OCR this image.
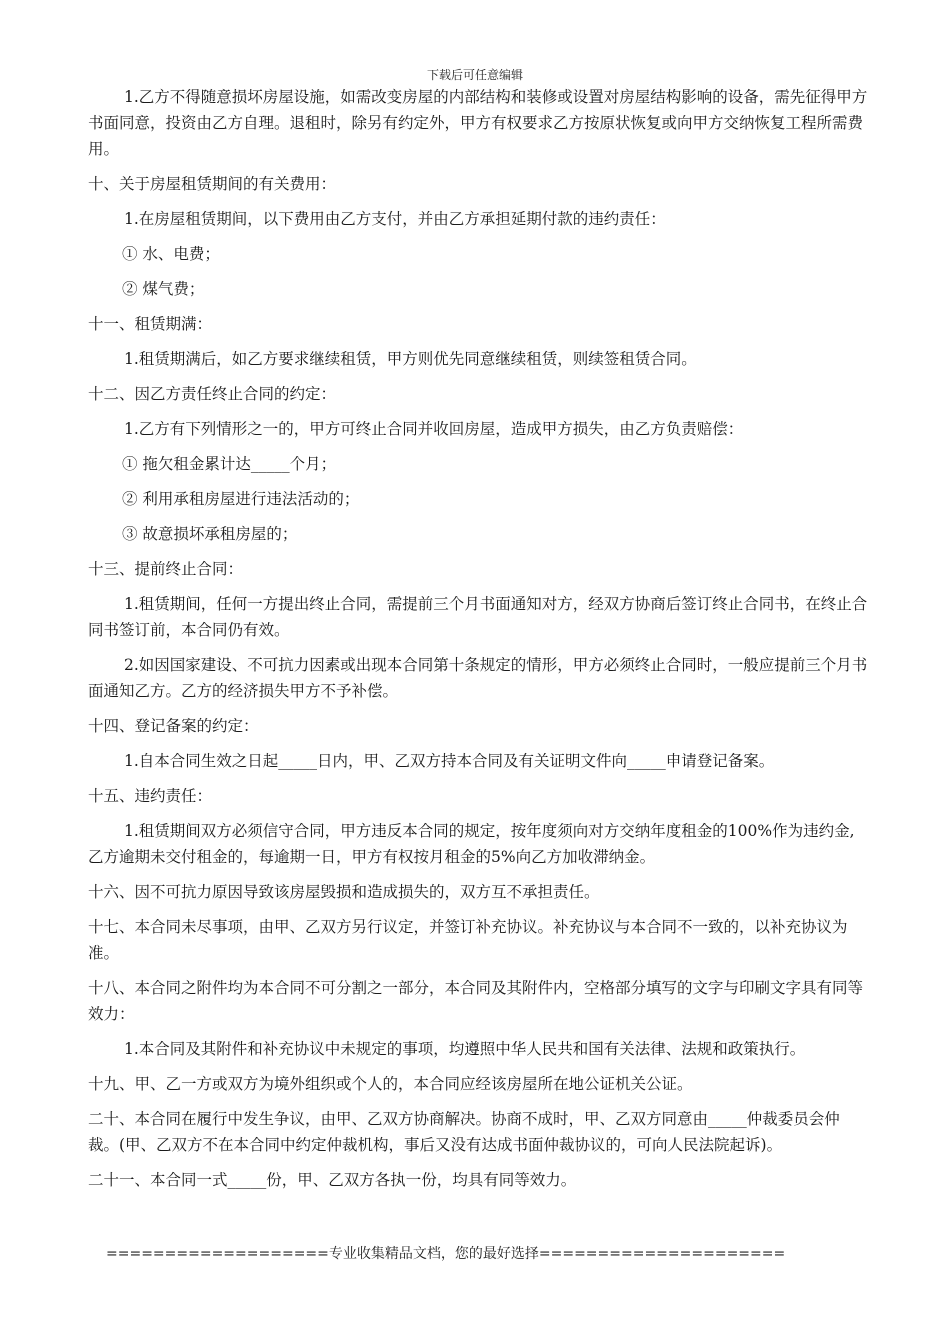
下载后可任意编辑

1.乙方不得随意损坏房屋设施，如需改变房屋的内部结构和装修或设置对房屋结构影响的设备，需先征得甲方书面同意，投资由乙方自理。退租时，除另有约定外，甲方有权要求乙方按原状恢复或向甲方交纳恢复工程所需费用。

十、关于房屋租赁期间的有关费用：

1.在房屋租赁期间，以下费用由乙方支付，并由乙方承担延期付款的违约责任：

① 水、电费；

② 煤气费；

十一、租赁期满：

1.租赁期满后，如乙方要求继续租赁，甲方则优先同意继续租赁，则续签租赁合同。

十二、因乙方责任终止合同的约定：

1.乙方有下列情形之一的，甲方可终止合同并收回房屋，造成甲方损失，由乙方负责赔偿：

① 拖欠租金累计达_____个月；

② 利用承租房屋进行违法活动的；

③ 故意损坏承租房屋的；

十三、提前终止合同：

1.租赁期间，任何一方提出终止合同，需提前三个月书面通知对方，经双方协商后签订终止合同书，在终止合同书签订前，本合同仍有效。

2.如因国家建设、不可抗力因素或出现本合同第十条规定的情形，甲方必须终止合同时，一般应提前三个月书面通知乙方。乙方的经济损失甲方不予补偿。

十四、登记备案的约定：

1.自本合同生效之日起_____日内，甲、乙双方持本合同及有关证明文件向_____申请登记备案。

十五、违约责任：

1.租赁期间双方必须信守合同，甲方违反本合同的规定，按年度须向对方交纳年度租金的100%作为违约金,乙方逾期未交付租金的，每逾期一日，甲方有权按月租金的5%向乙方加收滞纳金。

十六、因不可抗力原因导致该房屋毁损和造成损失的，双方互不承担责任。

十七、本合同未尽事项，由甲、乙双方另行议定，并签订补充协议。补充协议与本合同不一致的，以补充协议为准。

十八、本合同之附件均为本合同不可分割之一部分，本合同及其附件内，空格部分填写的文字与印刷文字具有同等效力：

1.本合同及其附件和补充协议中未规定的事项，均遵照中华人民共和国有关法律、法规和政策执行。

十九、甲、乙一方或双方为境外组织或个人的，本合同应经该房屋所在地公证机关公证。

二十、本合同在履行中发生争议，由甲、乙双方协商解决。协商不成时，甲、乙双方同意由_____仲裁委员会仲裁。(甲、乙双方不在本合同中约定仲裁机构，事后又没有达成书面仲裁协议的，可向人民法院起诉)。

二十一、本合同一式_____份，甲、乙双方各执一份，均具有同等效力。

===================专业收集精品文档，您的最好选择=====================
